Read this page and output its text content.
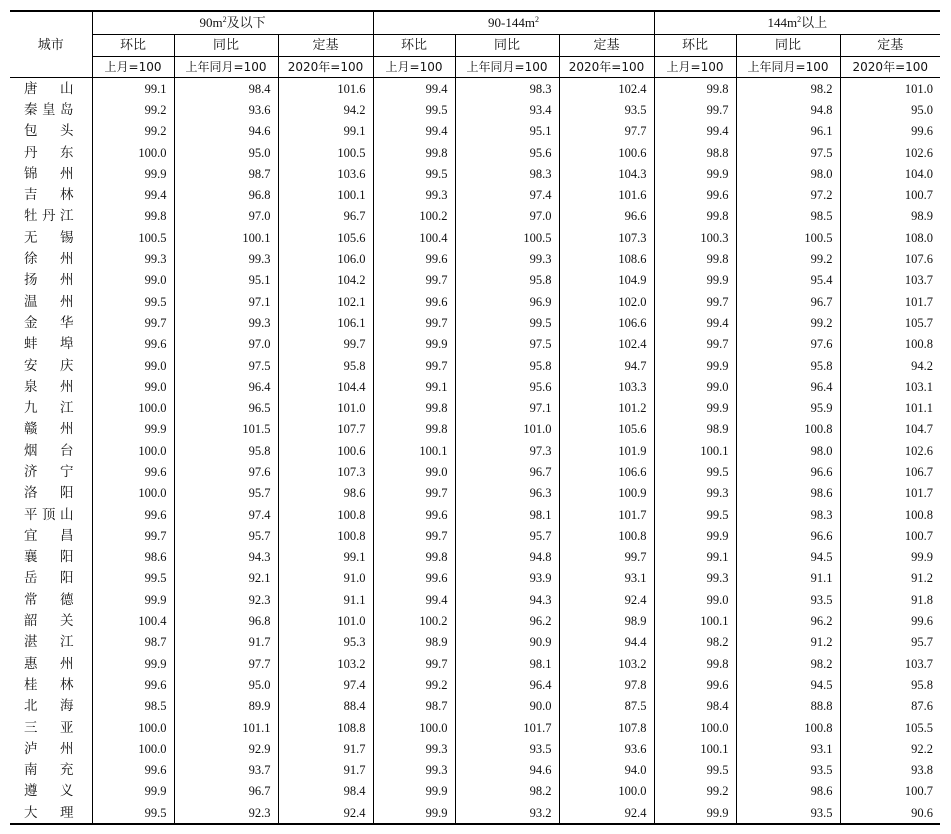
城市	$90m^2$及以下			$90-144m^2$			$144m^2$以上		
	环比	同比	定基	环比	同比	定基	环比	同比	定基
	上月=100	上年同月=100	2020年=100	上月=100	上年同月=100	2020年=100	上月=100	上年同月=100	2020年=100
唐山	99.1	98.4	101.6	99.4	98.3	102.4	99.8	98.2	101.0
秦皇岛	99.2	93.6	94.2	99.5	93.4	93.5	99.7	94.8	95.0
包头	99.2	94.6	99.1	99.4	95.1	97.7	99.4	96.1	99.6
丹东	100.0	95.0	100.5	99.8	95.6	100.6	98.8	97.5	102.6
锦州	99.9	98.7	103.6	99.5	98.3	104.3	99.9	98.0	104.0
吉林	99.4	96.8	100.1	99.3	97.4	101.6	99.6	97.2	100.7
牡丹江	99.8	97.0	96.7	100.2	97.0	96.6	99.8	98.5	98.9
无锡	100.5	100.1	105.6	100.4	100.5	107.3	100.3	100.5	108.0
徐州	99.3	99.3	106.0	99.6	99.3	108.6	99.8	99.2	107.6
扬州	99.0	95.1	104.2	99.7	95.8	104.9	99.9	95.4	103.7
温州	99.5	97.1	102.1	99.6	96.9	102.0	99.7	96.7	101.7
金华	99.7	99.3	106.1	99.7	99.5	106.6	99.4	99.2	105.7
蚌埠	99.6	97.0	99.7	99.9	97.5	102.4	99.7	97.6	100.8
安庆	99.0	97.5	95.8	99.7	95.8	94.7	99.9	95.8	94.2
泉州	99.0	96.4	104.4	99.1	95.6	103.3	99.0	96.4	103.1
九江	100.0	96.5	101.0	99.8	97.1	101.2	99.9	95.9	101.1
赣州	99.9	101.5	107.7	99.8	101.0	105.6	98.9	100.8	104.7
烟台	100.0	95.8	100.6	100.1	97.3	101.9	100.1	98.0	102.6
济宁	99.6	97.6	107.3	99.0	96.7	106.6	99.5	96.6	106.7
洛阳	100.0	95.7	98.6	99.7	96.3	100.9	99.3	98.6	101.7
平顶山	99.6	97.4	100.8	99.6	98.1	101.7	99.5	98.3	100.8
宜昌	99.7	95.7	100.8	99.7	95.7	100.8	99.9	96.6	100.7
襄阳	98.6	94.3	99.1	99.8	94.8	99.7	99.1	94.5	99.9
岳阳	99.5	92.1	91.0	99.6	93.9	93.1	99.3	91.1	91.2
常德	99.9	92.3	91.1	99.4	94.3	92.4	99.0	93.5	91.8
韶关	100.4	96.8	101.0	100.2	96.2	98.9	100.1	96.2	99.6
湛江	98.7	91.7	95.3	98.9	90.9	94.4	98.2	91.2	95.7
惠州	99.9	97.7	103.2	99.7	98.1	103.2	99.8	98.2	103.7
桂林	99.6	95.0	97.4	99.2	96.4	97.8	99.6	94.5	95.8
北海	98.5	89.9	88.4	98.7	90.0	87.5	98.4	88.8	87.6
三亚	100.0	101.1	108.8	100.0	101.7	107.8	100.0	100.8	105.5
泸州	100.0	92.9	91.7	99.3	93.5	93.6	100.1	93.1	92.2
南充	99.6	93.7	91.7	99.3	94.6	94.0	99.5	93.5	93.8
遵义	99.9	96.7	98.4	99.9	98.2	100.0	99.2	98.6	100.7
大理	99.5	92.3	92.4	99.9	93.2	92.4	99.9	93.5	90.6
